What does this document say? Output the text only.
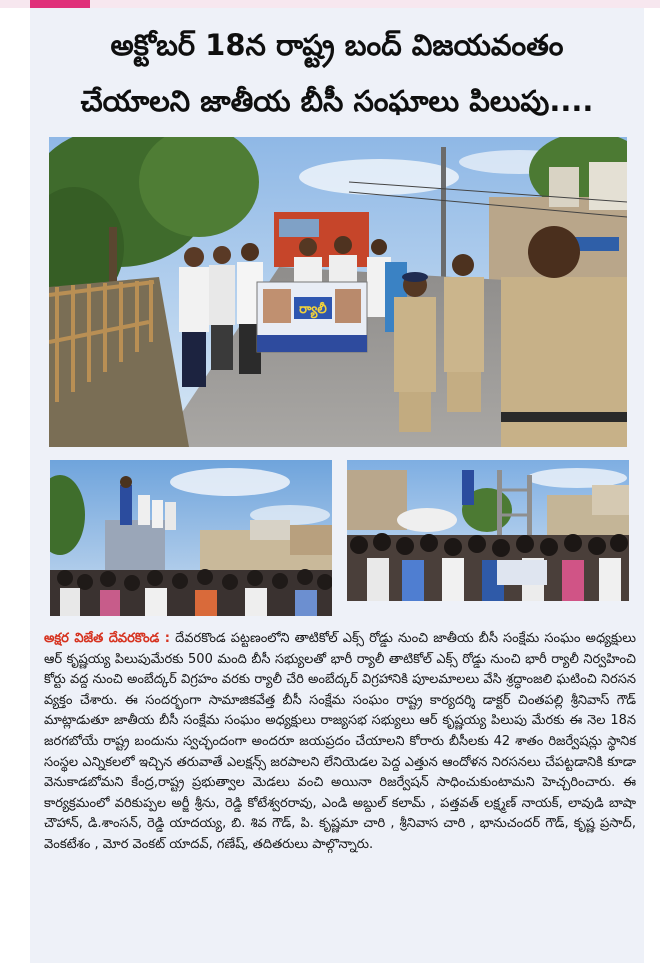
అక్టోబర్ 18న రాష్ట్ర బంద్ విజయవంతం
చేయాలని జాతీయ బీసీ సంఘాలు పిలుపు....
ర్యాలీ
అక్షర విజేత దేవరకొండ : దేవరకొండ పట్టణంలోని తాటికోల్ ఎక్స్ రోడ్డు నుంచి జాతీయ బీసీ సంక్షేమ సంఘం అధ్యక్షులు ఆర్ కృష్ణయ్య పిలుపుమేరకు 500 మంది బీసీ సభ్యులతో భారీ ర్యాలీ తాటికోల్ ఎక్స్ రోడ్డు నుంచి భారీ ర్యాలీ నిర్వహించి కోర్టు వద్ద నుంచి అంబేద్కర్ విగ్రహం వరకు ర్యాలీ చేరి అంబేద్కర్ విగ్రహానికి పూలమాలలు వేసి శ్రద్ధాంజలి ఘటించి నిరసన వ్యక్తం చేశారు. ఈ సందర్భంగా సామాజికవేత్త బీసీ సంక్షేమ సంఘం రాష్ట్ర కార్యదర్శి డాక్టర్ చింతపల్లి శ్రీనివాస్ గౌడ్ మాట్లాడుతూ జాతీయ బీసీ సంక్షేమ సంఘం అధ్యక్షులు రాజ్యసభ సభ్యులు ఆర్ కృష్ణయ్య పిలుపు మేరకు ఈ నెల 18న జరగబోయే రాష్ట్ర బందును స్వచ్ఛందంగా అందరూ జయప్రదం చేయాలని కోరారు బీసీలకు 42 శాతం రిజర్వేషన్లు స్థానిక సంస్థల ఎన్నికలలో ఇచ్చిన తరువాతే ఎలక్షన్స్ జరపాలని లేనియెడల పెద్ద ఎత్తున ఆందోళన నిరసనలు చేపట్టడానికి కూడా వెనుకాడబోమని కేంద్ర,రాష్ట్ర ప్రభుత్వాల మెడలు వంచి అయినా రిజర్వేషన్ సాధించుకుంటామని హెచ్చరించారు. ఈ కార్యక్రమంలో వరికుప్పల అర్జీ శ్రీను, రెడ్డి కోటేశ్వరరావు, ఎండి అబ్దుల్ కలామ్ , పత్తవత్ లక్ష్మణ్ నాయక్, లావుడి బాషా చౌహాన్, డి.శాంసన్, రెడ్డి యాదయ్య, బి. శివ గౌడ్, పి. కృష్ణమా చారి , శ్రీనివాస చారి , భానుచందర్ గౌడ్, కృష్ణ ప్రసాద్, వెంకటేశం , మోర వెంకట్ యాదవ్, గణేష్, తదితరులు పాల్గొన్నారు.
